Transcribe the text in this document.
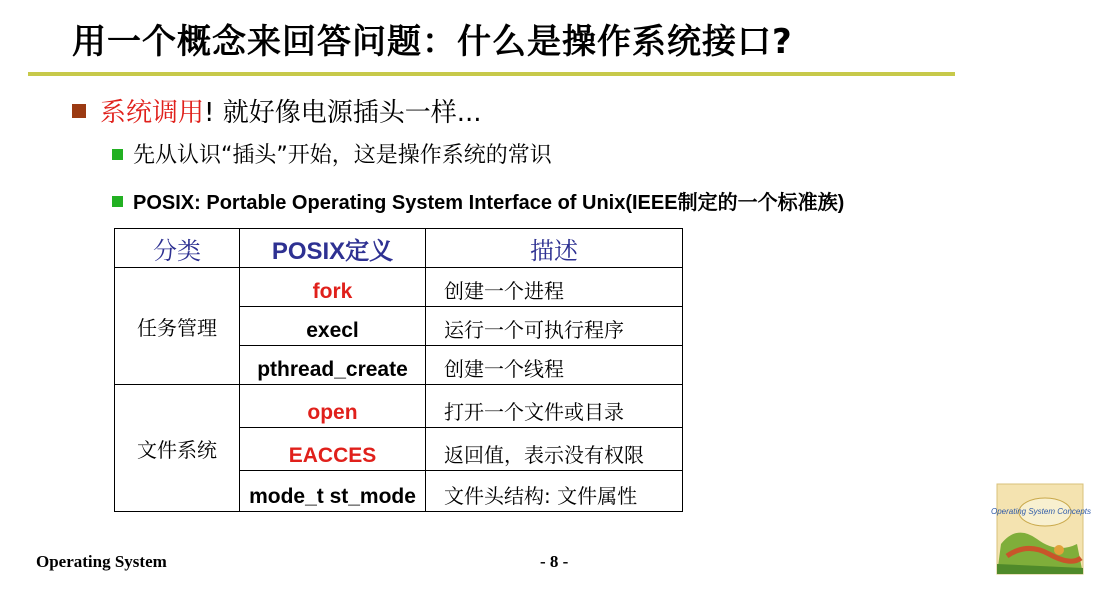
用一个概念来回答问题：什么是操作系统接口?
系统调用! 就好像电源插头一样...
先从认识“插头”开始，这是操作系统的常识
POSIX: Portable Operating System Interface of Unix(IEEE制定的一个标准族)
分类	POSIX定义	描述
任务管理	fork	创建一个进程
	execl	运行一个可执行程序
	pthread_create	创建一个线程
文件系统	open	打开一个文件或目录
	EACCES	返回值，表示没有权限
	mode_t st_mode	文件头结构: 文件属性
Operating System	- 8 -
Operating System Concepts
